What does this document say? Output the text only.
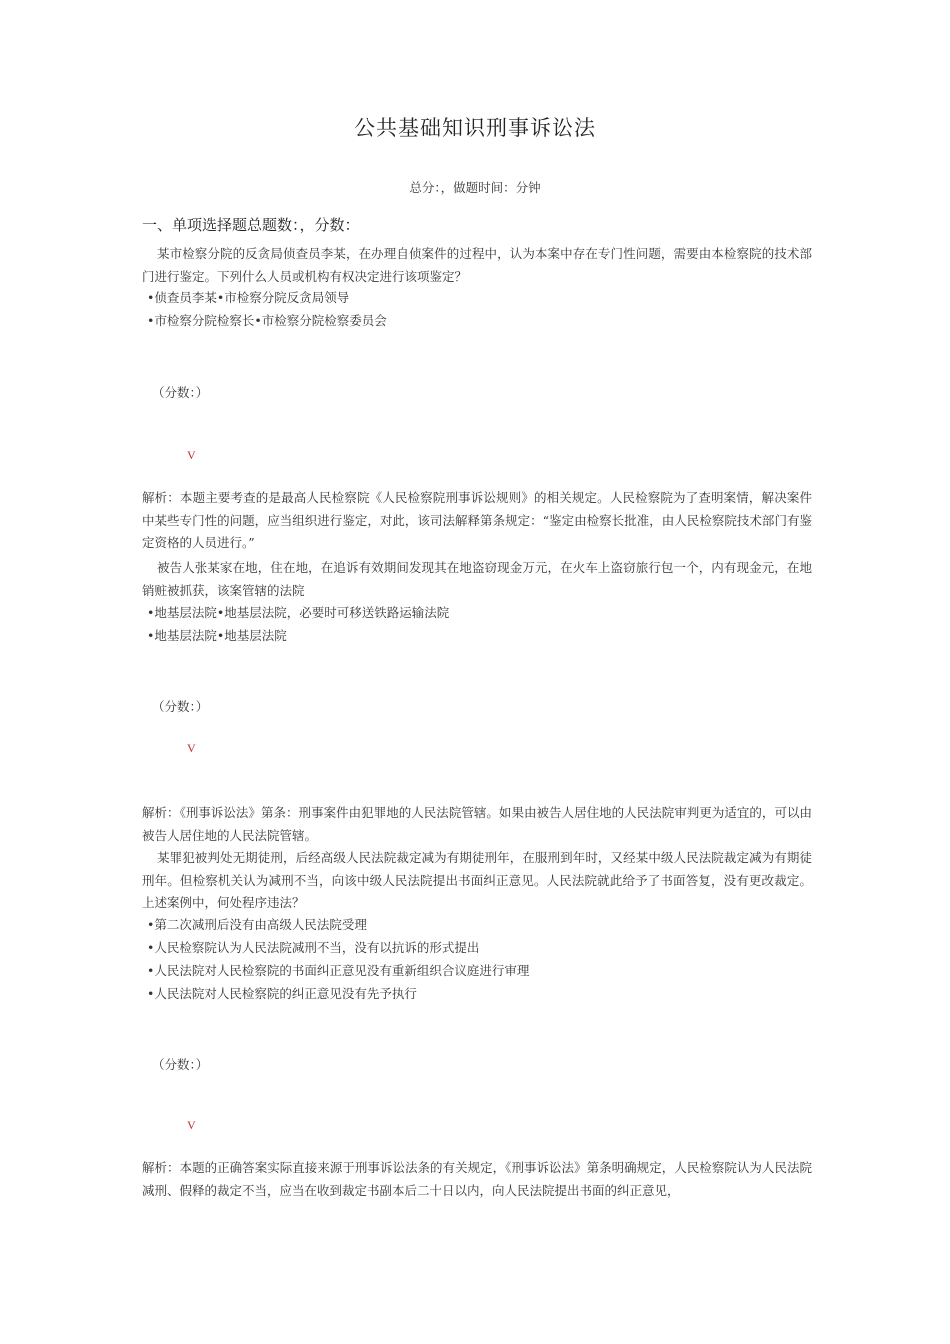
公共基础知识刑事诉讼法
总分：，做题时间：分钟
一、单项选择题总题数：，分数：
某市检察分院的反贪局侦查员李某，在办理自侦案件的过程中，认为本案中存在专门性问题，需要由本检察院的技术部门进行鉴定。下列什么人员或机构有权决定进行该项鉴定？
•侦查员李某•市检察分院反贪局领导
•市检察分院检察长•市检察分院检察委员会
（分数：）
V
解析：本题主要考查的是最高人民检察院《人民检察院刑事诉讼规则》的相关规定。人民检察院为了查明案情，解决案件中某些专门性的问题，应当组织进行鉴定，对此，该司法解释第条规定：“鉴定由检察长批准，由人民检察院技术部门有鉴定资格的人员进行。”
被告人张某家在地，住在地，在追诉有效期间发现其在地盗窃现金万元，在火车上盗窃旅行包一个，内有现金元，在地销赃被抓获，该案管辖的法院
•地基层法院•地基层法院，必要时可移送铁路运输法院
•地基层法院•地基层法院
（分数：）
V
解析：《刑事诉讼法》第条：刑事案件由犯罪地的人民法院管辖。如果由被告人居住地的人民法院审判更为适宜的，可以由被告人居住地的人民法院管辖。
某罪犯被判处无期徒刑，后经高级人民法院裁定减为有期徒刑年，在服刑到年时，又经某中级人民法院裁定减为有期徒刑年。但检察机关认为减刑不当，向该中级人民法院提出书面纠正意见。人民法院就此给予了书面答复，没有更改裁定。上述案例中，何处程序违法？
•第二次减刑后没有由高级人民法院受理
•人民检察院认为人民法院减刑不当，没有以抗诉的形式提出
•人民法院对人民检察院的书面纠正意见没有重新组织合议庭进行审理
•人民法院对人民检察院的纠正意见没有先予执行
（分数：）
V
解析：本题的正确答案实际直接来源于刑事诉讼法条的有关规定，《刑事诉讼法》第条明确规定，人民检察院认为人民法院减刑、假释的裁定不当，应当在收到裁定书副本后二十日以内，向人民法院提出书面的纠正意见，
